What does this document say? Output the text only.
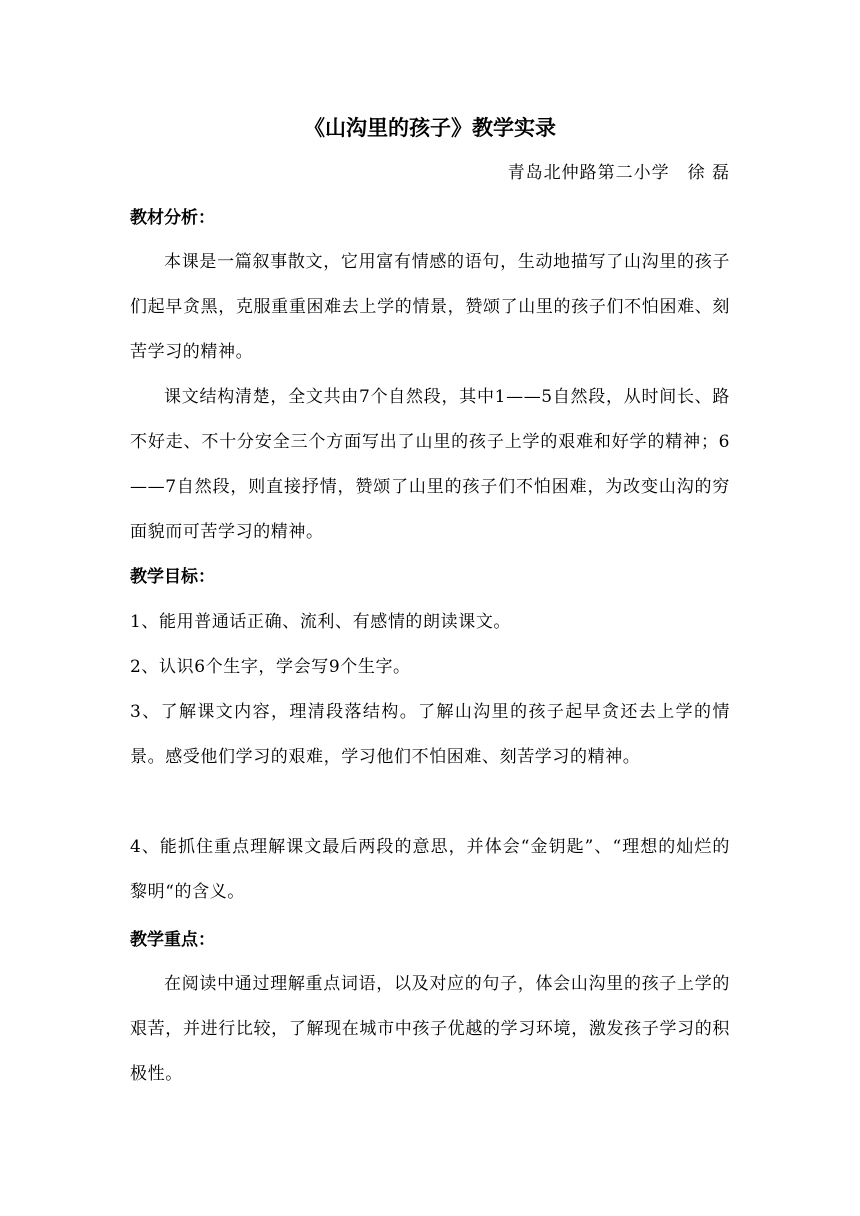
《山沟里的孩子》教学实录
青岛北仲路第二小学　徐 磊
教材分析：

本课是一篇叙事散文，它用富有情感的语句，生动地描写了山沟里的孩子们起早贪黑，克服重重困难去上学的情景，赞颂了山里的孩子们不怕困难、刻苦学习的精神。

课文结构清楚，全文共由7个自然段，其中1——5自然段，从时间长、路不好走、不十分安全三个方面写出了山里的孩子上学的艰难和好学的精神；6——7自然段，则直接抒情，赞颂了山里的孩子们不怕困难，为改变山沟的穷面貌而可苦学习的精神。

教学目标：

1、能用普通话正确、流利、有感情的朗读课文。

2、认识6个生字，学会写9个生字。

3、了解课文内容，理清段落结构。了解山沟里的孩子起早贪还去上学的情景。感受他们学习的艰难，学习他们不怕困难、刻苦学习的精神。

4、能抓住重点理解课文最后两段的意思，并体会“金钥匙”、“理想的灿烂的黎明“的含义。

教学重点：

在阅读中通过理解重点词语，以及对应的句子，体会山沟里的孩子上学的艰苦，并进行比较，了解现在城市中孩子优越的学习环境，激发孩子学习的积极性。
